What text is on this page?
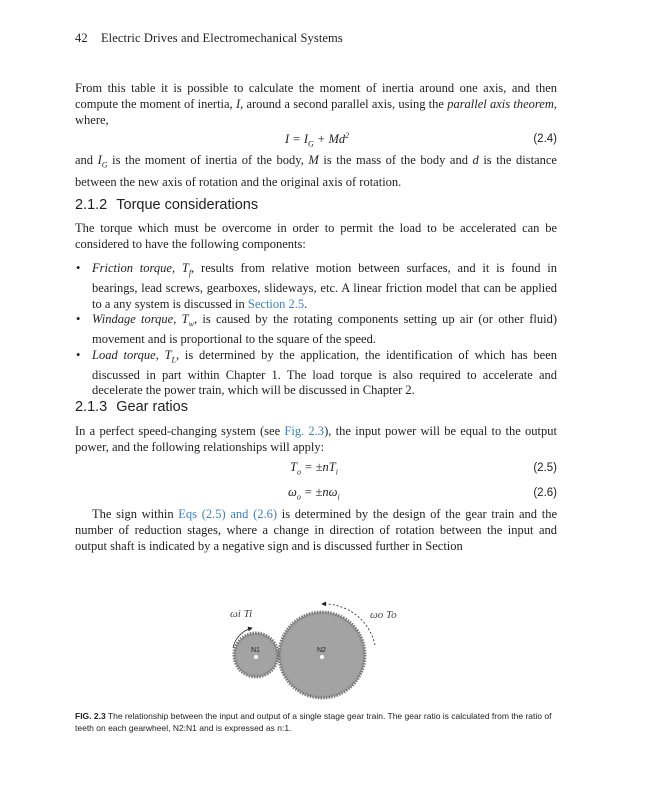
42 Electric Drives and Electromechanical Systems

From this table it is possible to calculate the moment of inertia around one axis, and then compute the moment of inertia, I, around a second parallel axis, using the parallel axis theorem, where,

$I = I_G + Md^2$	(2.4)

and $I_G$ is the moment of inertia of the body, M is the mass of the body and d is the distance between the new axis of rotation and the original axis of rotation.

2.1.2 Torque considerations

The torque which must be overcome in order to permit the load to be accelerated can be considered to have the following components:

• Friction torque, $T_f$, results from relative motion between surfaces, and it is found in bearings, lead screws, gearboxes, slideways, etc. A linear friction model that can be applied to a any system is discussed in Section 2.5.
• Windage torque, $T_w$, is caused by the rotating components setting up air (or other fluid) movement and is proportional to the square of the speed.
• Load torque, $T_L$, is determined by the application, the identification of which has been discussed in part within Chapter 1. The load torque is also required to accelerate and decelerate the power train, which will be discussed in Chapter 2.
2.1.3 Gear ratios

In a perfect speed-changing system (see Fig. 2.3), the input power will be equal to the output power, and the following relationships will apply:

$T_o = \pm nT_i$	(2.5)
$\omega_o = \pm n\omega_i$	(2.6)

The sign within Eqs (2.5) and (2.6) is determined by the design of the gear train and the number of reduction stages, where a change in direction of rotation between the input and output shaft is indicated by a negative sign and is discussed further in Section

ωi Ti	ωo To
N1	N2
FIG. 2.3 The relationship between the input and output of a single stage gear train. The gear ratio is calculated from the ratio of teeth on each gearwheel, N2:N1 and is expressed as n:1.
